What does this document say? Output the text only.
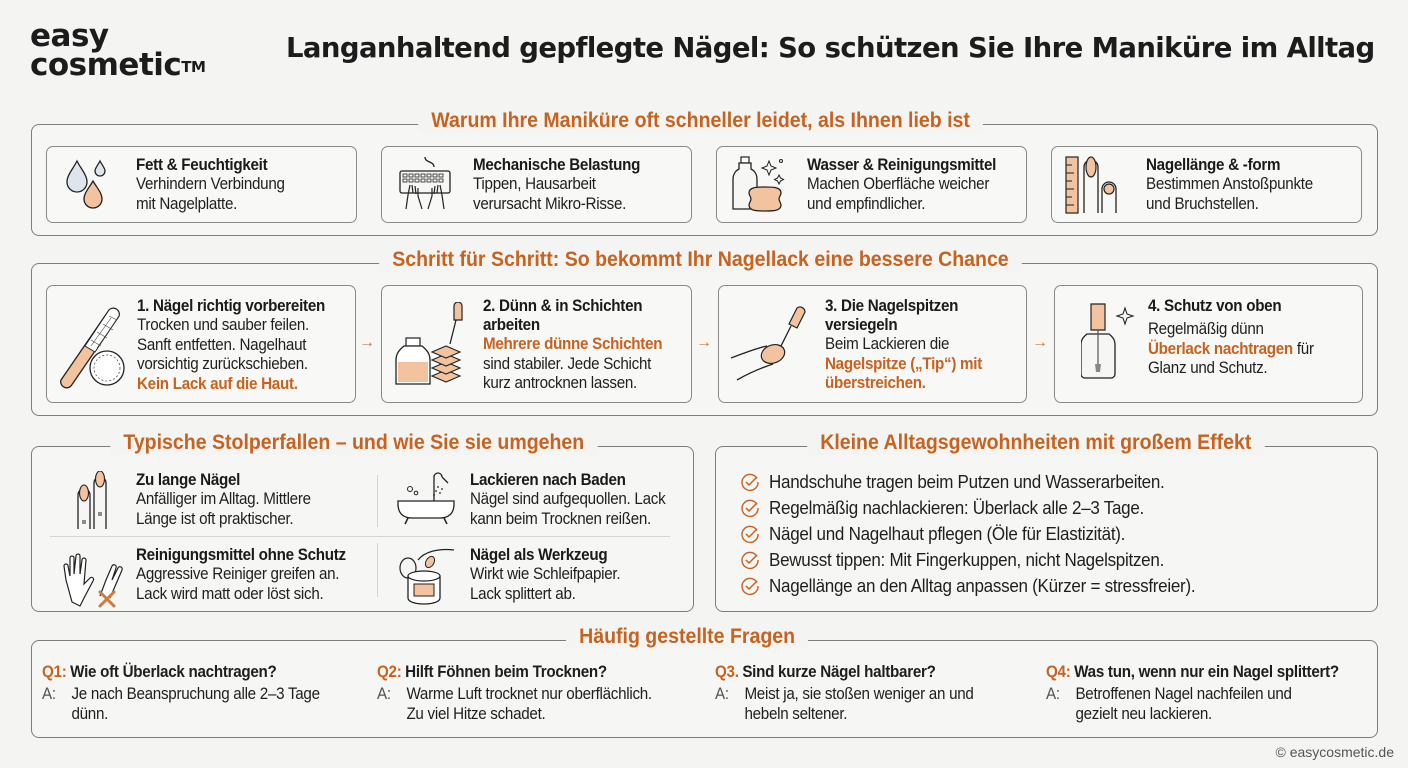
easy
cosmetic™
Langanhaltend gepflegte Nägel: So schützen Sie Ihre Maniküre im Alltag
Warum Ihre Maniküre oft schneller leidet, als Ihnen lieb ist
Fett & Feuchtigkeit
Verhindern Verbindung
mit Nagelplatte.
Mechanische Belastung
Tippen, Hausarbeit
verursacht Mikro-Risse.
Wasser & Reinigungsmittel
Machen Oberfläche weicher
und empfindlicher.
Nagellänge & -form
Bestimmen Anstoßpunkte
und Bruchstellen.
Schritt für Schritt: So bekommt Ihr Nagellack eine bessere Chance
1. Nägel richtig vorbereiten
Trocken und sauber feilen.
Sanft entfetten. Nagelhaut
vorsichtig zurückschieben.
Kein Lack auf die Haut.
→
2. Dünn & in Schichten
arbeiten
Mehrere dünne Schichten
sind stabiler. Jede Schicht
kurz antrocknen lassen.
→
3. Die Nagelspitzen
versiegeln
Beim Lackieren die
Nagelspitze („Tip“) mit
überstreichen.
→
4. Schutz von oben
Regelmäßig dünn
Überlack nachtragen für
Glanz und Schutz.
Typische Stolperfallen – und wie Sie sie umgehen
Zu lange Nägel
Anfälliger im Alltag. Mittlere
Länge ist oft praktischer.
Lackieren nach Baden
Nägel sind aufgequollen. Lack
kann beim Trocknen reißen.
Reinigungsmittel ohne Schutz
Aggressive Reiniger greifen an.
Lack wird matt oder löst sich.
Nägel als Werkzeug
Wirkt wie Schleifpapier.
Lack splittert ab.
Kleine Alltagsgewohnheiten mit großem Effekt
Handschuhe tragen beim Putzen und Wasserarbeiten.
Regelmäßig nachlackieren: Überlack alle 2–3 Tage.
Nägel und Nagelhaut pflegen (Öle für Elastizität).
Bewusst tippen: Mit Fingerkuppen, nicht Nagelspitzen.
Nagellänge an den Alltag anpassen (Kürzer = stressfreier).
Häufig gestellte Fragen
Q1: Wie oft Überlack nachtragen?
A: Je nach Beanspruchung alle 2–3 Tage
dünn.
Q2: Hilft Föhnen beim Trocknen?
A: Warme Luft trocknet nur oberflächlich.
Zu viel Hitze schadet.
Q3. Sind kurze Nägel haltbarer?
A: Meist ja, sie stoßen weniger an und
hebeln seltener.
Q4: Was tun, wenn nur ein Nagel splittert?
A: Betroffenen Nagel nachfeilen und
gezielt neu lackieren.
© easycosmetic.de
